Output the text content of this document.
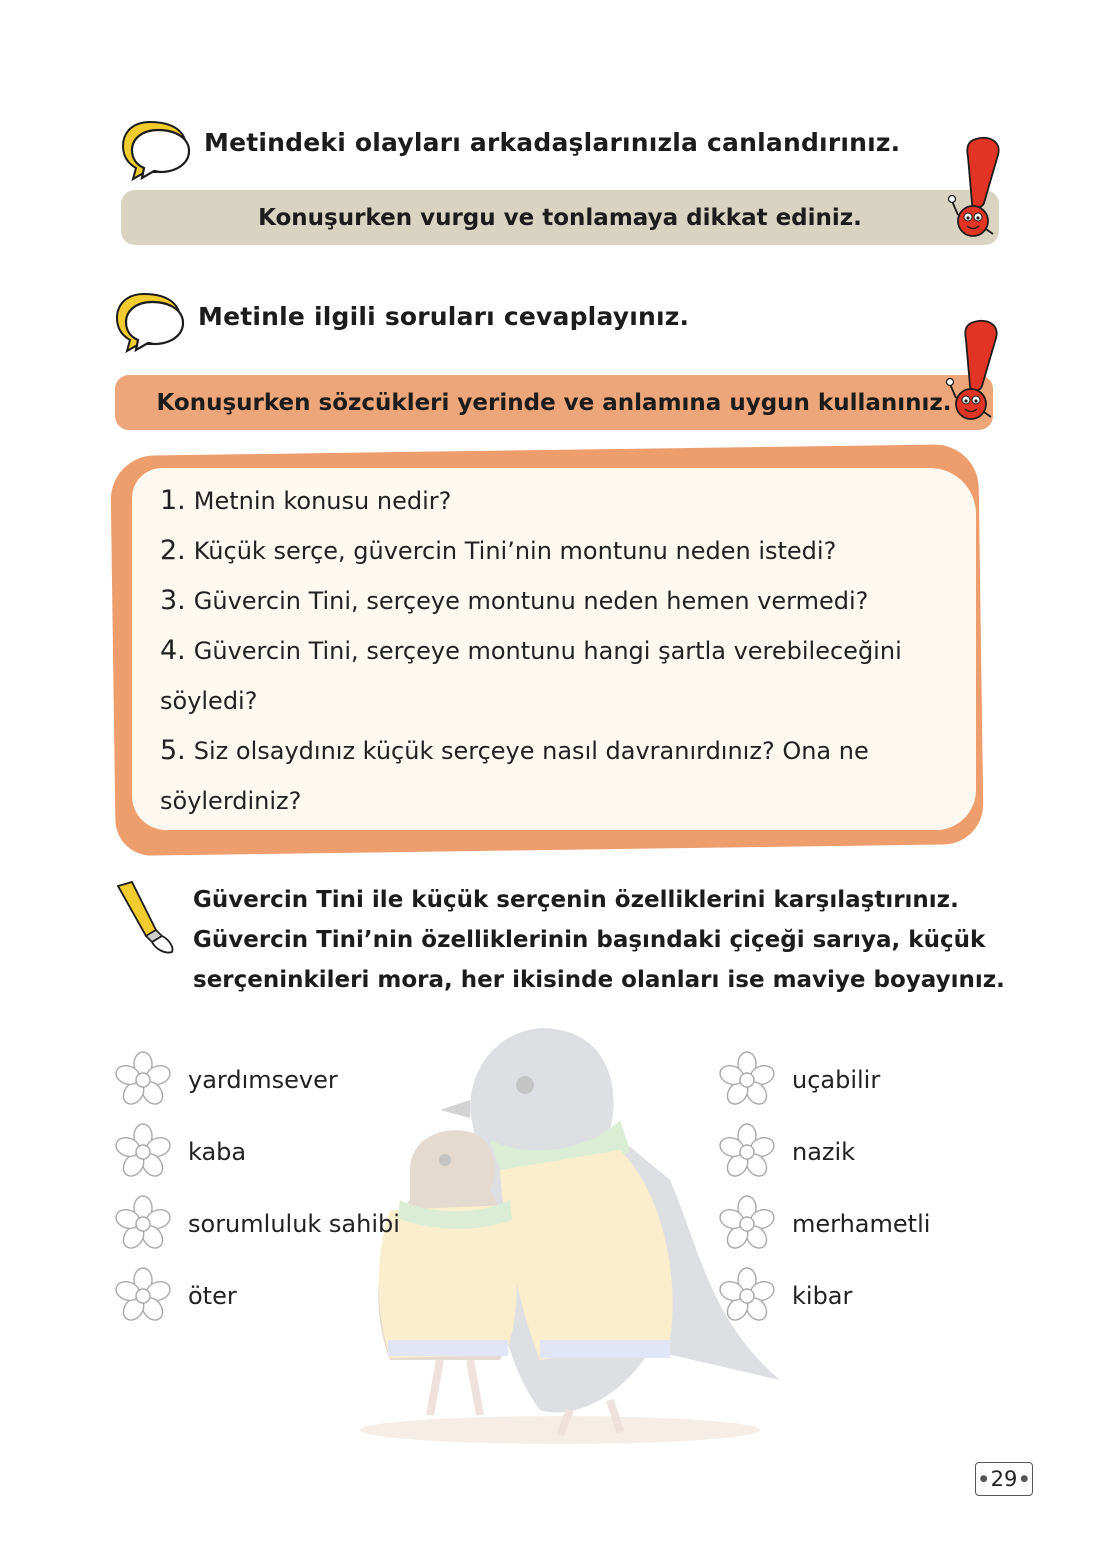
Metindeki olayları arkadaşlarınızla canlandırınız.
Konuşurken vurgu ve tonlamaya dikkat ediniz.
Metinle ilgili soruları cevaplayınız.
Konuşurken sözcükleri yerinde ve anlamına uygun kullanınız.
1. Metnin konusu nedir?
2. Küçük serçe, güvercin Tini’nin montunu neden istedi?
3. Güvercin Tini, serçeye montunu neden hemen vermedi?
4. Güvercin Tini, serçeye montunu hangi şartla verebileceğini
söyledi?
5. Siz olsaydınız küçük serçeye nasıl davranırdınız? Ona ne
söylerdiniz?
Güvercin Tini ile küçük serçenin özelliklerini karşılaştırınız.
Güvercin Tini’nin özelliklerinin başındaki çiçeği sarıya, küçük
serçeninkileri mora, her ikisinde olanları ise maviye boyayınız.
yardımsever
kaba
sorumluluk sahibi
öter
uçabilir
nazik
merhametli
kibar
● 29 ●
